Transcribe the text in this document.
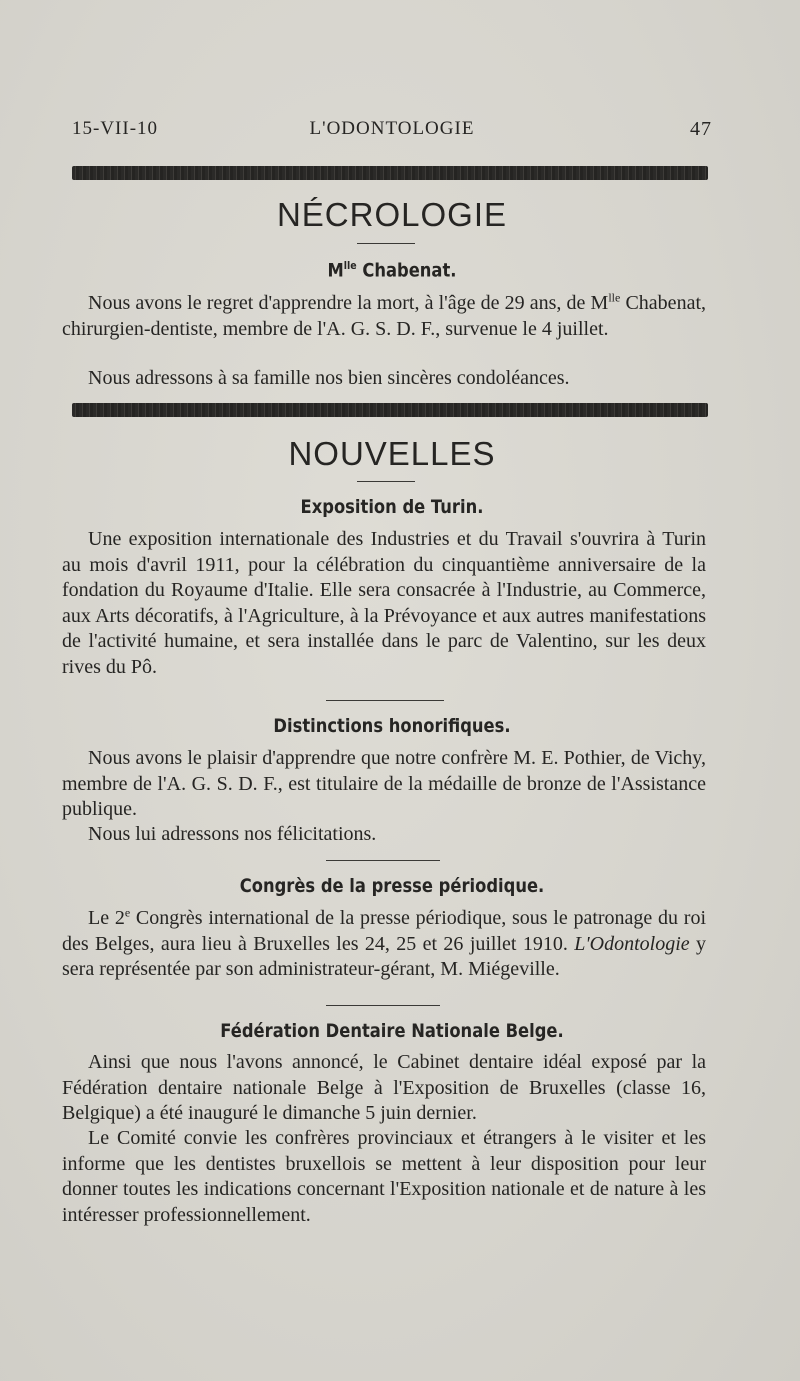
15-VII-10	L'ODONTOLOGIE	47
NÉCROLOGIE
$M^{lle}$ Chabenat.

Nous avons le regret d'apprendre la mort, à l'âge de 29 ans, de $M^{lle}$ Chabenat, chirurgien-dentiste, membre de l'A. G. S. D. F., survenue le 4 juillet.

Nous adressons à sa famille nos bien sincères condoléances.

NOUVELLES
Exposition de Turin.

Une exposition internationale des Industries et du Travail s'ouvrira à Turin au mois d'avril 1911, pour la célébration du cinquantième anniversaire de la fondation du Royaume d'Italie. Elle sera consacrée à l'Industrie, au Commerce, aux Arts décoratifs, à l'Agriculture, à la Prévoyance et aux autres manifestations de l'activité humaine, et sera installée dans le parc de Valentino, sur les deux rives du Pô.

Distinctions honorifiques.

Nous avons le plaisir d'apprendre que notre confrère M. E. Pothier, de Vichy, membre de l'A. G. S. D. F., est titulaire de la médaille de bronze de l'Assistance publique.

Nous lui adressons nos félicitations.

Congrès de la presse périodique.

Le 2e Congrès international de la presse périodique, sous le patronage du roi des Belges, aura lieu à Bruxelles les 24, 25 et 26 juillet 1910. L'Odontologie y sera représentée par son administrateur-gérant, M. Miégeville.

Fédération Dentaire Nationale Belge.

Ainsi que nous l'avons annoncé, le Cabinet dentaire idéal exposé par la Fédération dentaire nationale Belge à l'Exposition de Bruxelles (classe 16, Belgique) a été inauguré le dimanche 5 juin dernier.

Le Comité convie les confrères provinciaux et étrangers à le visiter et les informe que les dentistes bruxellois se mettent à leur disposition pour leur donner toutes les indications concernant l'Exposition nationale et de nature à les intéresser professionnellement.
